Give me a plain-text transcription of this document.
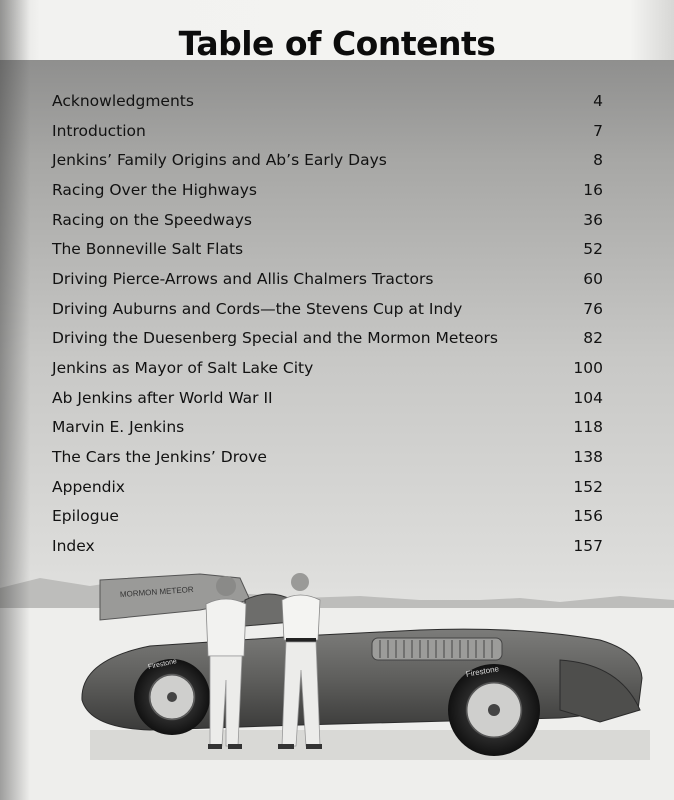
Table of Contents
Acknowledgments	4
Introduction	7
Jenkins’ Family Origins and Ab’s Early Days	8
Racing Over the Highways	16
Racing on the Speedways	36
The Bonneville Salt Flats	52
Driving Pierce-Arrows and Allis Chalmers Tractors	60
Driving Auburns and Cords—the Stevens Cup at Indy	76
Driving the Duesenberg Special and the Mormon Meteors	82
Jenkins as Mayor of Salt Lake City	100
Ab Jenkins after World War II	104
Marvin E. Jenkins	118
The Cars the Jenkins’ Drove	138
Appendix	152
Epilogue	156
Index	157
MORMON METEOR
Firestone	Firestone
